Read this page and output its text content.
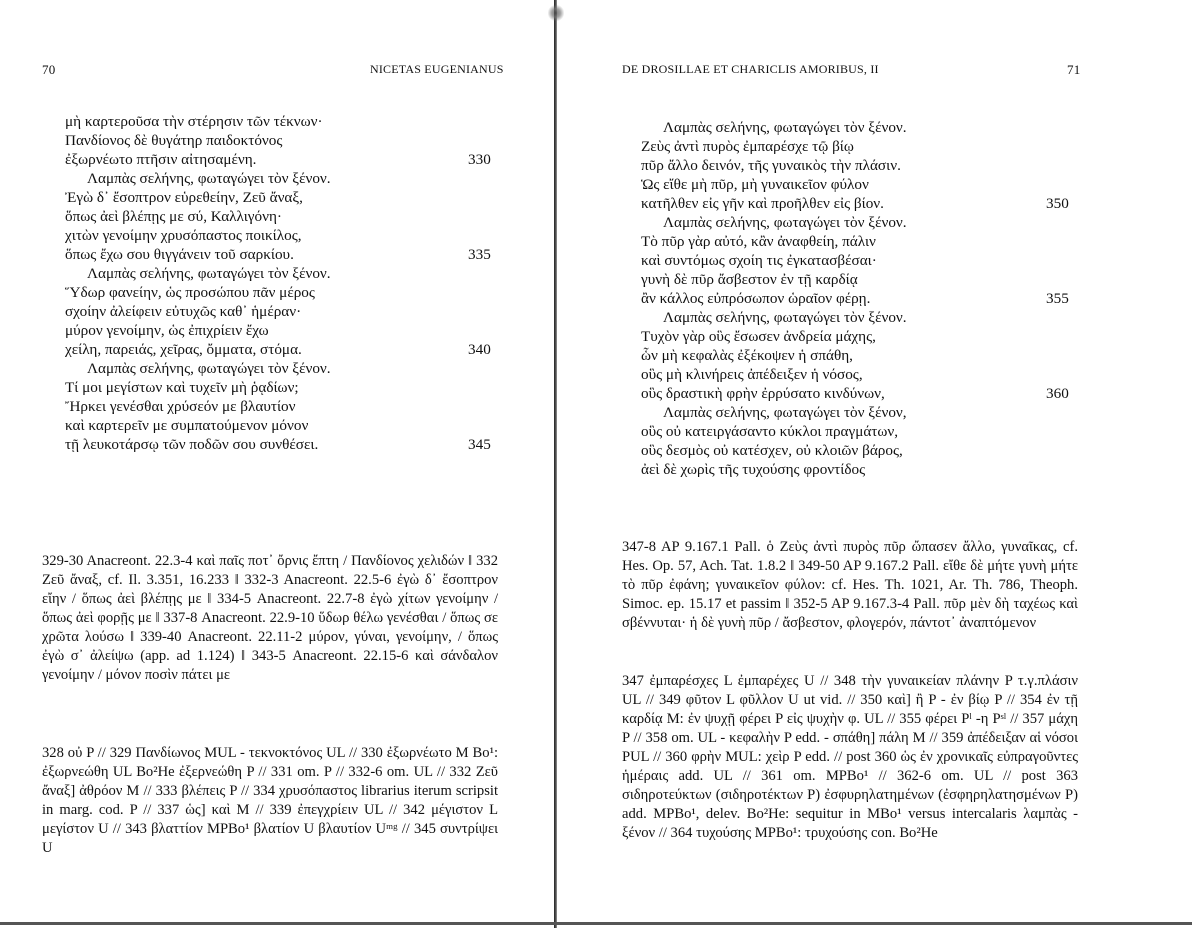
70	NICETAS EUGENIANUS
μὴ καρτεροῦσα τὴν στέρησιν τῶν τέκνων·
Πανδίονος δὲ θυγάτηρ παιδοκτόνος
ἐξωρνέωτο πτῆσιν αἰτησαμένη.	330
Λαμπὰς σελήνης, φωταγώγει τὸν ξένον.
Ἐγὼ δ᾽ ἔσοπτρον εὑρεθείην, Ζεῦ ἄναξ,
ὅπως ἀεὶ βλέπῃς με σύ, Καλλιγόνη·
χιτὼν γενοίμην χρυσόπαστος ποικίλος,
ὅπως ἔχω σου θιγγάνειν τοῦ σαρκίου.	335
Λαμπὰς σελήνης, φωταγώγει τὸν ξένον.
Ὕδωρ φανείην, ὡς προσώπου πᾶν μέρος
σχοίην ἀλείφειν εὐτυχῶς καθ᾽ ἡμέραν·
μύρον γενοίμην, ὡς ἐπιχρίειν ἔχω
χείλη, παρειάς, χεῖρας, ὄμματα, στόμα.	340
Λαμπὰς σελήνης, φωταγώγει τὸν ξένον.
Τί μοι μεγίστων καὶ τυχεῖν μὴ ῥᾳδίων;
Ἤρκει γενέσθαι χρύσεόν με βλαυτίον
καὶ καρτερεῖν με συμπατούμενον μόνον
τῇ λευκοτάρσῳ τῶν ποδῶν σου συνθέσει.	345

329-30 Anacreont. 22.3-4 καὶ παῖς ποτ᾽ ὄρνις ἔπτη / Πανδίονος χελιδών ‖ 332 Ζεῦ ἄναξ, cf. Il. 3.351, 16.233 ‖ 332-3 Anacreont. 22.5-6 ἐγὼ δ᾽ ἔσοπτρον εἴην / ὅπως ἀεὶ βλέπῃς με ‖ 334-5 Anacreont. 22.7-8 ἐγὼ χίτων γενοίμην / ὅπως ἀεὶ φορῇς με ‖ 337-8 Anacreont. 22.9-10 ὕδωρ θέλω γενέσθαι / ὅπως σε χρῶτα λούσω ‖ 339-40 Anacreont. 22.11-2 μύρον, γύναι, γενοίμην, / ὅπως ἐγὼ σ᾽ ἀλείψω (app. ad 1.124) ‖ 343-5 Anacreont. 22.15-6 καὶ σάνδαλον γενοίμην / μόνον ποσὶν πάτει με

328 οὐ P // 329 Πανδίωνος MUL - τεκνοκτόνος UL // 330 ἐξωρνέωτο M Bo¹: ἐξωρνεώθη UL Bo²He ἐξερνεώθη P // 331 om. P // 332-6 om. UL // 332 Ζεῦ ἄναξ] ἀθρόον M // 333 βλέπεις P // 334 χρυσόπαστος librarius iterum scripsit in marg. cod. P // 337 ὡς] καὶ M // 339 ἐπεγχρίειν UL // 342 μέγιστον L μεγίστον U // 343 βλαττίον MPBo¹ βλατίον U βλαυτίον Uᵐᵍ // 345 συντρίψει U

DE DROSILLAE ET CHARICLIS AMORIBUS, II	71
Λαμπὰς σελήνης, φωταγώγει τὸν ξένον.
Ζεὺς ἀντὶ πυρὸς ἐμπαρέσχε τῷ βίῳ
πῦρ ἄλλο δεινόν, τῆς γυναικὸς τὴν πλάσιν.
Ὡς εἴθε μὴ πῦρ, μὴ γυναικεῖον φύλον
κατῆλθεν εἰς γῆν καὶ προῆλθεν εἰς βίον.	350
Λαμπὰς σελήνης, φωταγώγει τὸν ξένον.
Τὸ πῦρ γὰρ αὐτό, κἂν ἀναφθείη, πάλιν
καὶ συντόμως σχοίη τις ἐγκατασβέσαι·
γυνὴ δὲ πῦρ ἄσβεστον ἐν τῇ καρδίᾳ
ἂν κάλλος εὐπρόσωπον ὡραῖον φέρῃ.	355
Λαμπὰς σελήνης, φωταγώγει τὸν ξένον.
Τυχὸν γὰρ οὓς ἔσωσεν ἀνδρεία μάχης,
ὧν μὴ κεφαλὰς ἐξέκοψεν ἡ σπάθη,
οὓς μὴ κλινήρεις ἀπέδειξεν ἡ νόσος,
οὓς δραστικὴ φρὴν ἐρρύσατο κινδύνων,	360
Λαμπὰς σελήνης, φωταγώγει τὸν ξένον,
οὓς οὐ κατειργάσαντο κύκλοι πραγμάτων,
οὓς δεσμὸς οὐ κατέσχεν, οὐ κλοιῶν βάρος,
ἀεὶ δὲ χωρὶς τῆς τυχούσης φροντίδος

347-8 AP 9.167.1 Pall. ὁ Ζεὺς ἀντὶ πυρὸς πῦρ ὤπασεν ἄλλο, γυναῖκας, cf. Hes. Op. 57, Ach. Tat. 1.8.2 ‖ 349-50 AP 9.167.2 Pall. εἴθε δὲ μήτε γυνὴ μήτε τὸ πῦρ ἐφάνη; γυναικεῖον φύλον: cf. Hes. Th. 1021, Ar. Th. 786, Theoph. Simoc. ep. 15.17 et passim ‖ 352-5 AP 9.167.3-4 Pall. πῦρ μὲν δὴ ταχέως καὶ σβέννυται· ἡ δὲ γυνὴ πῦρ / ἄσβεστον, φλογερόν, πάντοτ᾽ ἀναπτόμενον

347 ἐμπαρέσχες L ἐμπαρέχες U // 348 τὴν γυναικείαν πλάνην P τ.γ.πλάσιν UL // 349 φῦτον L φῦλλον U ut vid. // 350 καὶ] ἢ P - ἐν βίῳ P // 354 ἐν τῇ καρδίᾳ M: ἐν ψυχῇ φέρει P εἰς ψυχὴν φ. UL // 355 φέρει Pˡ -η Pˢˡ // 357 μάχη P // 358 om. UL - κεφαλὴν P edd. - σπάθη] πάλη M // 359 ἀπέδειξαν αἱ νόσοι PUL // 360 φρὴν MUL: χεὶρ P edd. // post 360 ὡς ἐν χρονικαῖς εὐπραγοῦντες ἡμέραις add. UL // 361 om. MPBo¹ // 362-6 om. UL // post 363 σιδηροτεύκτων (σιδηροτέκτων P) ἐσφυρηλατημένων (ἐσφηρηλατησμένων P) add. MPBo¹, delev. Bo²He: sequitur in MBo¹ versus intercalaris λαμπὰς - ξένον // 364 τυχούσης MPBo¹: τρυχούσης con. Bo²He
